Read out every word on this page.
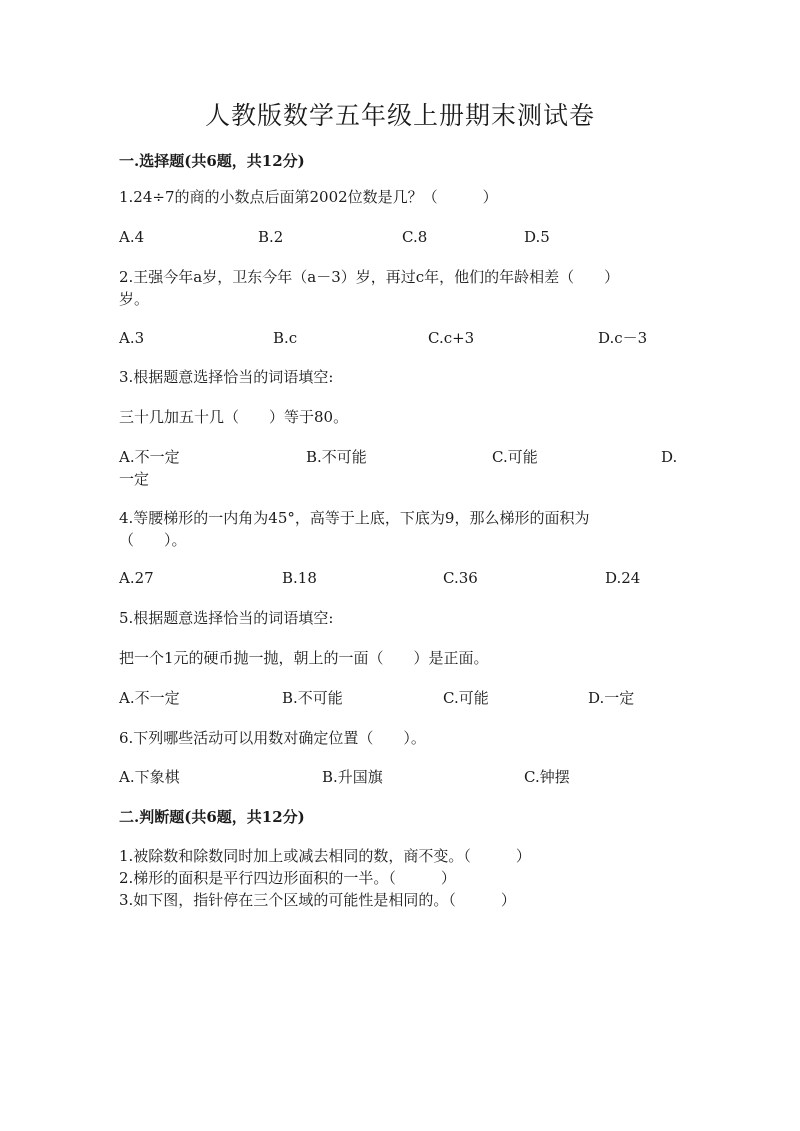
人教版数学五年级上册期末测试卷
一.选择题(共6题，共12分)

1.24÷7的商的小数点后面第2002位数是几？（　　　）

A.4	B.2	C.8	D.5

2.王强今年a岁，卫东今年（a－3）岁，再过c年，他们的年龄相差（　　）

岁。

A.3	B.c	C.c+3	D.c－3

3.根据题意选择恰当的词语填空:

三十几加五十几（　　）等于80。

A.不一定	B.不可能	C.可能	D.
一定

4.等腰梯形的一内角为45°，高等于上底，下底为9，那么梯形的面积为

（　　）。

A.27	B.18	C.36	D.24

5.根据题意选择恰当的词语填空:

把一个1元的硬币抛一抛，朝上的一面（　　）是正面。

A.不一定	B.不可能	C.可能	D.一定

6.下列哪些活动可以用数对确定位置（　　）。

A.下象棋	B.升国旗	C.钟摆
二.判断题(共6题，共12分)

1.被除数和除数同时加上或减去相同的数，商不变。（　　　）

2.梯形的面积是平行四边形面积的一半。（　　　）

3.如下图，指针停在三个区域的可能性是相同的。（　　　）
